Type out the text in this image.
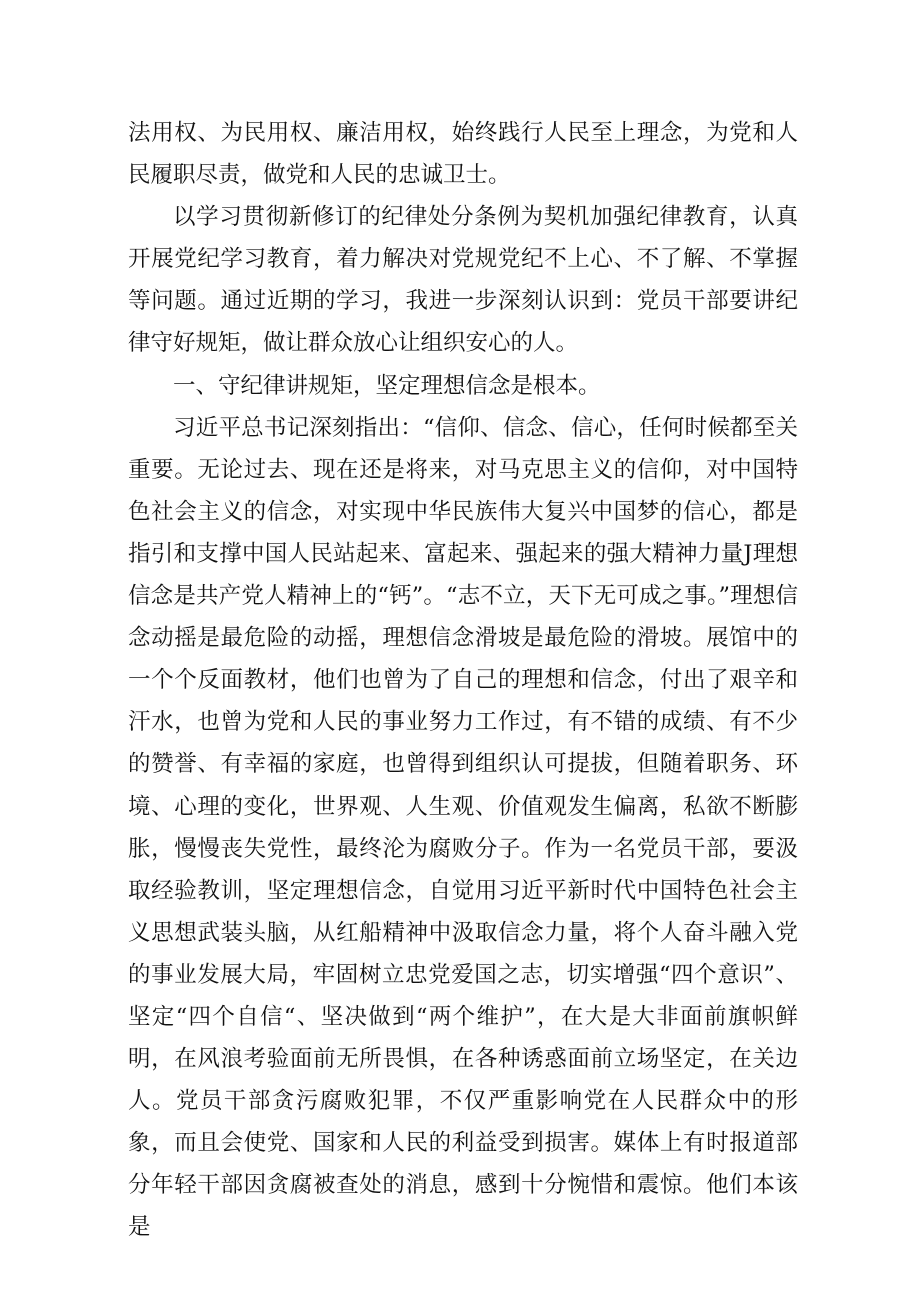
法用权、为民用权、廉洁用权，始终践行人民至上理念，为党和人民履职尽责，做党和人民的忠诚卫士。

以学习贯彻新修订的纪律处分条例为契机加强纪律教育，认真开展党纪学习教育，着力解决对党规党纪不上心、不了解、不掌握等问题。通过近期的学习，我进一步深刻认识到：党员干部要讲纪律守好规矩，做让群众放心让组织安心的人。

一、守纪律讲规矩，坚定理想信念是根本。

习近平总书记深刻指出：“信仰、信念、信心，任何时候都至关重要。无论过去、现在还是将来，对马克思主义的信仰，对中国特色社会主义的信念，对实现中华民族伟大复兴中国梦的信心，都是指引和支撑中国人民站起来、富起来、强起来的强大精神力量J理想信念是共产党人精神上的“钙”。“志不立，天下无可成之事。”理想信念动摇是最危险的动摇，理想信念滑坡是最危险的滑坡。展馆中的一个个反面教材，他们也曾为了自己的理想和信念，付出了艰辛和汗水，也曾为党和人民的事业努力工作过，有不错的成绩、有不少的赞誉、有幸福的家庭，也曾得到组织认可提拔，但随着职务、环境、心理的变化，世界观、人生观、价值观发生偏离，私欲不断膨胀，慢慢丧失党性，最终沦为腐败分子。作为一名党员干部，要汲取经验教训，坚定理想信念，自觉用习近平新时代中国特色社会主义思想武装头脑，从红船精神中汲取信念力量，将个人奋斗融入党的事业发展大局，牢固树立忠党爱国之志，切实增强“四个意识”、坚定“四个自信“、坚决做到“两个维护”，在大是大非面前旗帜鲜明，在风浪考验面前无所畏惧，在各种诱惑面前立场坚定，在关边人。党员干部贪污腐败犯罪，不仅严重影响党在人民群众中的形象，而且会使党、国家和人民的利益受到损害。媒体上有时报道部分年轻干部因贪腐被查处的消息，感到十分惋惜和震惊。他们本该是
